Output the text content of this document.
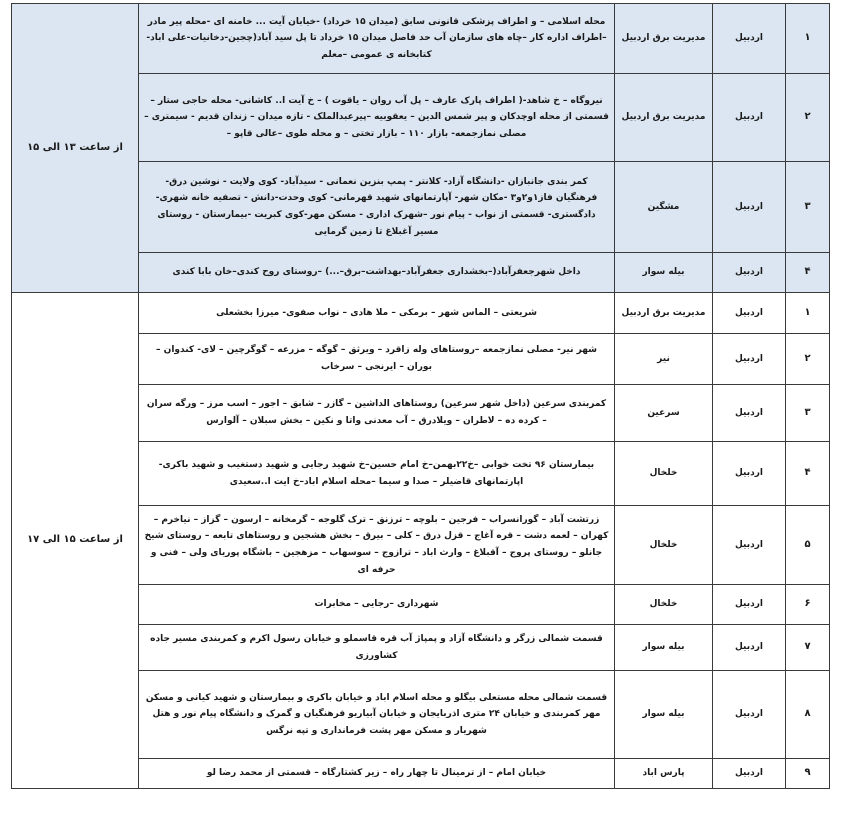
۱	اردبیل	مدیریت برق اردبیل	محله اسلامی – و اطراف پزشکی قانونی سابق (میدان ۱۵ خرداد) -خیابان آیت ... خامنه ای -محله پیر مادر –اطراف اداره کار –چاه های سازمان آب حد فاصل میدان ۱۵ خرداد تا پل سید آباد(چجین-دخانیات-علی اباد-کتابخانه ی عمومی –معلم	از ساعت ۱۳ الی ۱۵
۲	اردبیل	مدیریت برق اردبیل	نیروگاه – خ شاهد-( اطراف پارک عارف – پل آب روان – یاقوت ) – خ آیت ا.. کاشانی- محله حاجی ستار – قسمتی از محله اوچدکان و پیر شمس الدین – یعقوبیه –پیرعبدالملک - تازه میدان – زندان قدیم - سیمتری – مصلی نمازجمعه- بازار ۱۱۰ – بازار تختی – و محله طوی –عالی قاپو –	
۳	اردبیل	مشگین	کمر بندی جانبازان -دانشگاه آزاد- کلانتر - پمپ بنزین نعمانی - سیدآباد- کوی ولایت - نوشین درق- فرهنگیان فاز۱و۲و۳ -مکان شهر- آپارتمانهای شهید قهرمانی- کوی وحدت-دانش - تصفیه خانه شهری- دادگستری- قسمتی از نواب - پیام نور –شهرک اداری - مسکن مهر-کوی کبریت -بیمارستان - روستای مسیر آغبلاغ تا زمین گرمایی	
۴	اردبیل	بیله سوار	داخل شهرجعفرآباد(–بخشداری جعفرآباد–بهداشت–برق–...) –روستای روح کندی–خان بابا کندی	
۱	اردبیل	مدیریت برق اردبیل	شریعتی – الماس شهر – برمکی – ملا هادی – نواب صفوی- میرزا بخشعلی	از ساعت ۱۵ الی ۱۷
۲	اردبیل	نیر	شهر نیر- مصلی نمازجمعه –روستاهای وله زاقرد – ویرثق – گوگه – مزرعه – گوگرچین – لای- کندوان – بوران – ایرنجی – سرخاب	
۳	اردبیل	سرعین	کمربندی سرعین (داخل شهر سرعین) روستاهای الداشین – گازر – شابق – اجور – اسب مرز – ورگه سران – کرده ده – لاطران – ویلادرق – آب معدنی واتا و نکین – بخش سبلان – آلوارس	
۴	اردبیل	خلخال	بیمارستان ۹۶ تخت خوابی –خ۲۲بهمن–خ امام حسین–خ شهید رجایی و شهید دستغیب و شهید باکری- اپارتمانهای قاضیلر – صدا و سیما –محله اسلام اباد–خ ایت ا..سعیدی	
۵	اردبیل	خلخال	زرتشت آباد – گورانسراب – فرجین – بلوچه – ترزنق – ترک گلوجه – گرمخانه – ارسون – گزاز – نیاخرم – کهران – لعمه دشت – قره آغاج – قزل درق – کلی – بیرق – بخش هشجین و روستاهای تابعه – روستای شیخ جانلو – روستای پروج – آقبلاغ – وارث اباد – ترازوج – سوسهاب – مزهجین – باشگاه پوریای ولی – فنی و حرفه ای	
۶	اردبیل	خلخال	شهرداری –رجایی – مخابرات	
۷	اردبیل	بیله سوار	قسمت شمالی زرگر و دانشگاه آزاد و پمپاژ آب قره قاسملو و خیابان رسول اکرم و کمربندی مسیر جاده کشاورزی	
۸	اردبیل	بیله سوار	قسمت شمالی محله مستعلی بیگلو و محله اسلام اباد و خیابان باکری و بیمارستان و شهید کیانی و مسکن مهر کمربندی و خیابان ۲۴ متری اذربایجان و خیابان آبیاریو فرهنگیان و گمرک و دانشگاه پیام نور و هتل شهریار و مسکن مهر پشت فرمانداری و تپه نرگس	
۹	اردبیل	پارس اباد	خیابان امام – از ترمینال تا چهار راه – زیر کشتارگاه – قسمتی از محمد رضا لو	
